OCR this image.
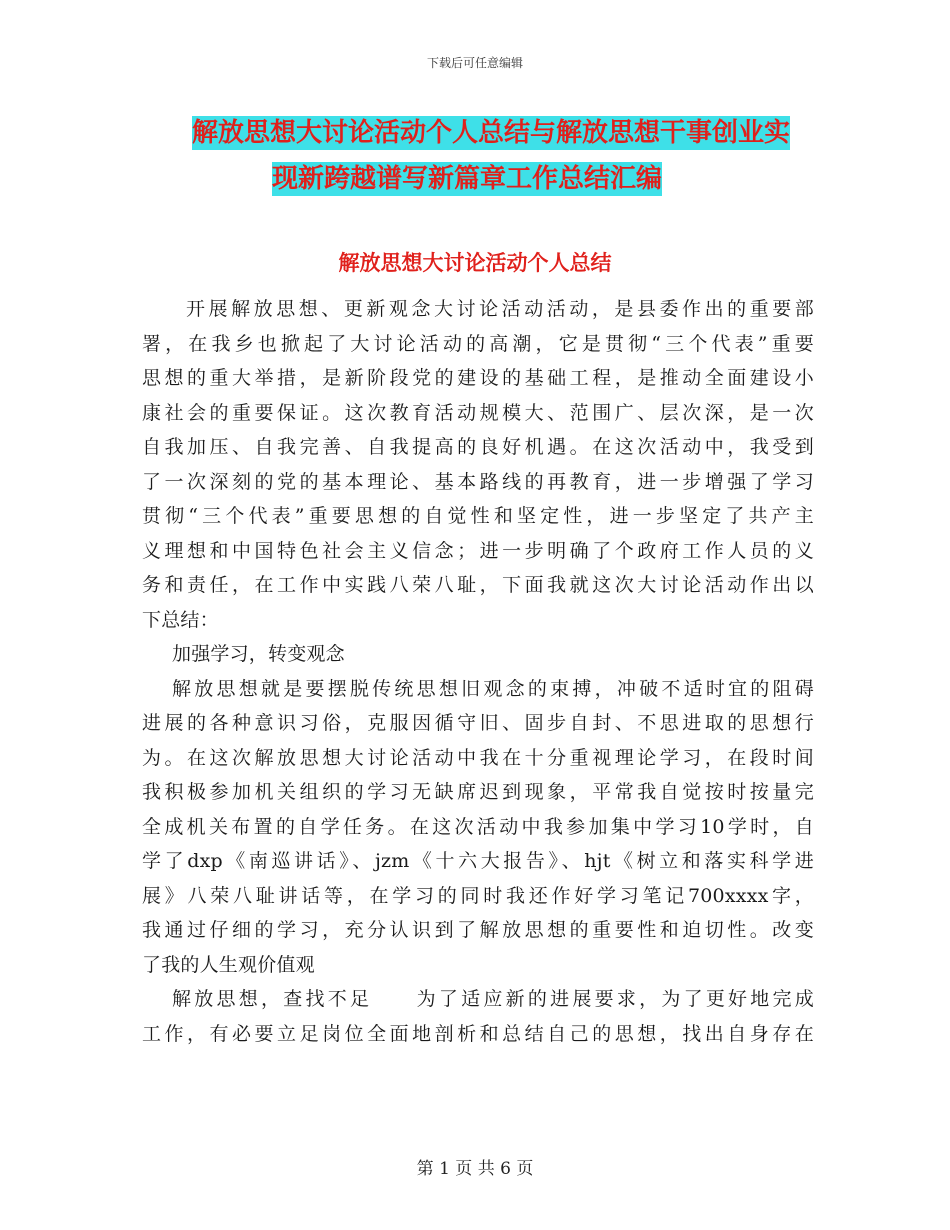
下载后可任意编辑
解放思想大讨论活动个人总结与解放思想干事创业实
现新跨越谱写新篇章工作总结汇编
解放思想大讨论活动个人总结
开展解放思想、更新观念大讨论活动活动，是县委作出的重要部
署，在我乡也掀起了大讨论活动的高潮，它是贯彻“三个代表”重要
思想的重大举措，是新阶段党的建设的基础工程，是推动全面建设小
康社会的重要保证。这次教育活动规模大、范围广、层次深，是一次
自我加压、自我完善、自我提高的良好机遇。在这次活动中，我受到
了一次深刻的党的基本理论、基本路线的再教育，进一步增强了学习
贯彻“三个代表”重要思想的自觉性和坚定性，进一步坚定了共产主
义理想和中国特色社会主义信念；进一步明确了个政府工作人员的义
务和责任，在工作中实践八荣八耻，下面我就这次大讨论活动作出以
下总结：
加强学习，转变观念
解放思想就是要摆脱传统思想旧观念的束搏，冲破不适时宜的阻碍
进展的各种意识习俗，克服因循守旧、固步自封、不思进取的思想行
为。在这次解放思想大讨论活动中我在十分重视理论学习，在段时间
我积极参加机关组织的学习无缺席迟到现象，平常我自觉按时按量完
全成机关布置的自学任务。在这次活动中我参加集中学习10学时，自
学了dxp《南巡讲话》、jzm《十六大报告》、hjt《树立和落实科学进
展》八荣八耻讲话等，在学习的同时我还作好学习笔记700xxxx字，
我通过仔细的学习，充分认识到了解放思想的重要性和迫切性。改变
了我的人生观价值观
解放思想，查找不足　　为了适应新的进展要求，为了更好地完成
工作，有必要立足岗位全面地剖析和总结自己的思想，找出自身存在
第 1 页 共 6 页
